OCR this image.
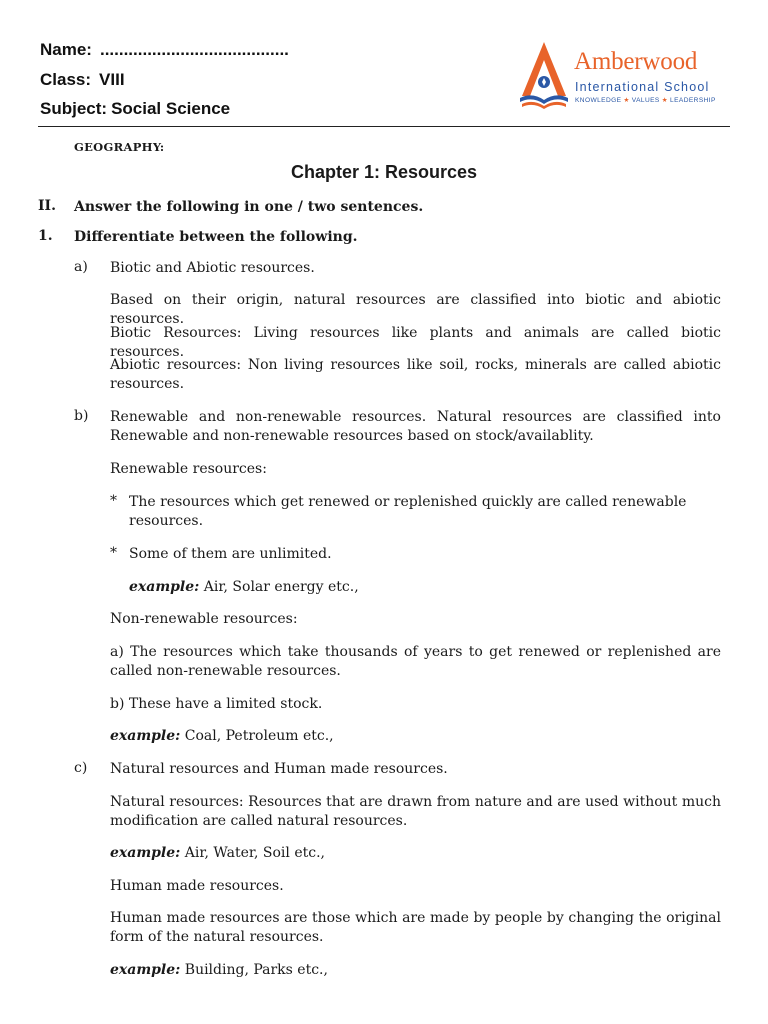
Name: ........................................
Class: VIII
Subject: Social Science
Amberwood
International School
KNOWLEDGE ★ VALUES ★ LEADERSHIP
GEOGRAPHY:
Chapter 1: Resources
II. Answer the following in one / two sentences.
1. Differentiate between the following.
a) Biotic and Abiotic resources.
Based on their origin, natural resources are classified into biotic and abiotic resources.
Biotic Resources: Living resources like plants and animals are called biotic resources.
Abiotic resources: Non living resources like soil, rocks, minerals are called abiotic resources.
b) Renewable and non-renewable resources. Natural resources are classified into Renewable and non-renewable resources based on stock/availablity.
Renewable resources:
* The resources which get renewed or replenished quickly are called renewable resources.
* Some of them are unlimited.
example: Air, Solar energy etc.,
Non-renewable resources:
a) The resources which take thousands of years to get renewed or replenished are called non-renewable resources.
b) These have a limited stock.
example: Coal, Petroleum etc.,
c) Natural resources and Human made resources.
Natural resources: Resources that are drawn from nature and are used without much modification are called natural resources.
example: Air, Water, Soil etc.,
Human made resources.
Human made resources are those which are made by people by changing the original form of the natural resources.
example: Building, Parks etc.,
